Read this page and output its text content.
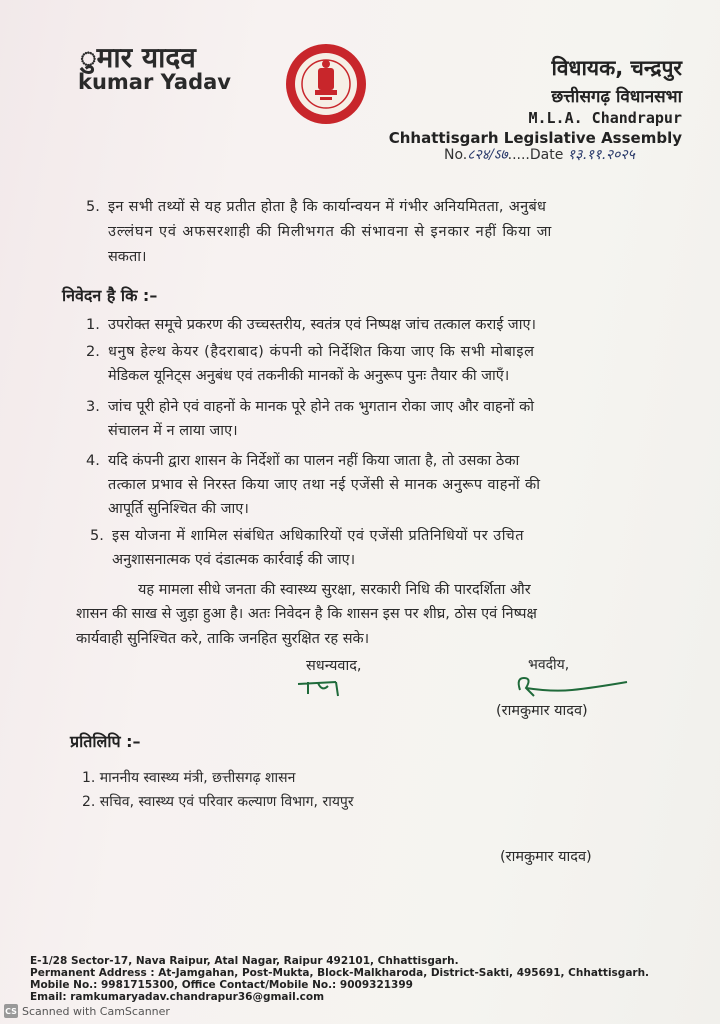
ुमार यादव
kumar Yadav
विधायक, चन्द्रपुर
छत्तीसगढ़ विधानसभा
M.L.A. Chandrapur
Chhattisgarh Legislative Assembly
No.८२४/ऽ७.....Date १३.११.२०२५
5. इन सभी तथ्यों से यह प्रतीत होता है कि कार्यान्वयन में गंभीर अनियमितता, अनुबंध
उल्लंघन एवं अफसरशाही की मिलीभगत की संभावना से इनकार नहीं किया जा
सकता।
निवेदन है कि :–
1. उपरोक्त समूचे प्रकरण की उच्चस्तरीय, स्वतंत्र एवं निष्पक्ष जांच तत्काल कराई जाए।
2. धनुष हेल्थ केयर (हैदराबाद) कंपनी को निर्देशित किया जाए कि सभी मोबाइल
मेडिकल यूनिट्स अनुबंध एवं तकनीकी मानकों के अनुरूप पुनः तैयार की जाएँ।
3. जांच पूरी होने एवं वाहनों के मानक पूरे होने तक भुगतान रोका जाए और वाहनों को
संचालन में न लाया जाए।
4. यदि कंपनी द्वारा शासन के निर्देशों का पालन नहीं किया जाता है, तो उसका ठेका
तत्काल प्रभाव से निरस्त किया जाए तथा नई एजेंसी से मानक अनुरूप वाहनों की
आपूर्ति सुनिश्चित की जाए।
5. इस योजना में शामिल संबंधित अधिकारियों एवं एजेंसी प्रतिनिधियों पर उचित
अनुशासनात्मक एवं दंडात्मक कार्रवाई की जाए।
यह मामला सीधे जनता की स्वास्थ्य सुरक्षा, सरकारी निधि की पारदर्शिता और
शासन की साख से जुड़ा हुआ है। अतः निवेदन है कि शासन इस पर शीघ्र, ठोस एवं निष्पक्ष
कार्यवाही सुनिश्चित करे, ताकि जनहित सुरक्षित रह सके।
सधन्यवाद,	भवदीय,
(रामकुमार यादव)
प्रतिलिपि :–
1. माननीय स्वास्थ्य मंत्री, छत्तीसगढ़ शासन
2. सचिव, स्वास्थ्य एवं परिवार कल्याण विभाग, रायपुर
(रामकुमार यादव)
E-1/28 Sector-17, Nava Raipur, Atal Nagar, Raipur 492101, Chhattisgarh.
Permanent Address : At-Jamgahan, Post-Mukta, Block-Malkharoda, District-Sakti, 495691, Chhattisgarh.
Mobile No.: 9981715300, Office Contact/Mobile No.: 9009321399
Email: ramkumaryadav.chandrapur36@gmail.com
CS Scanned with CamScanner
